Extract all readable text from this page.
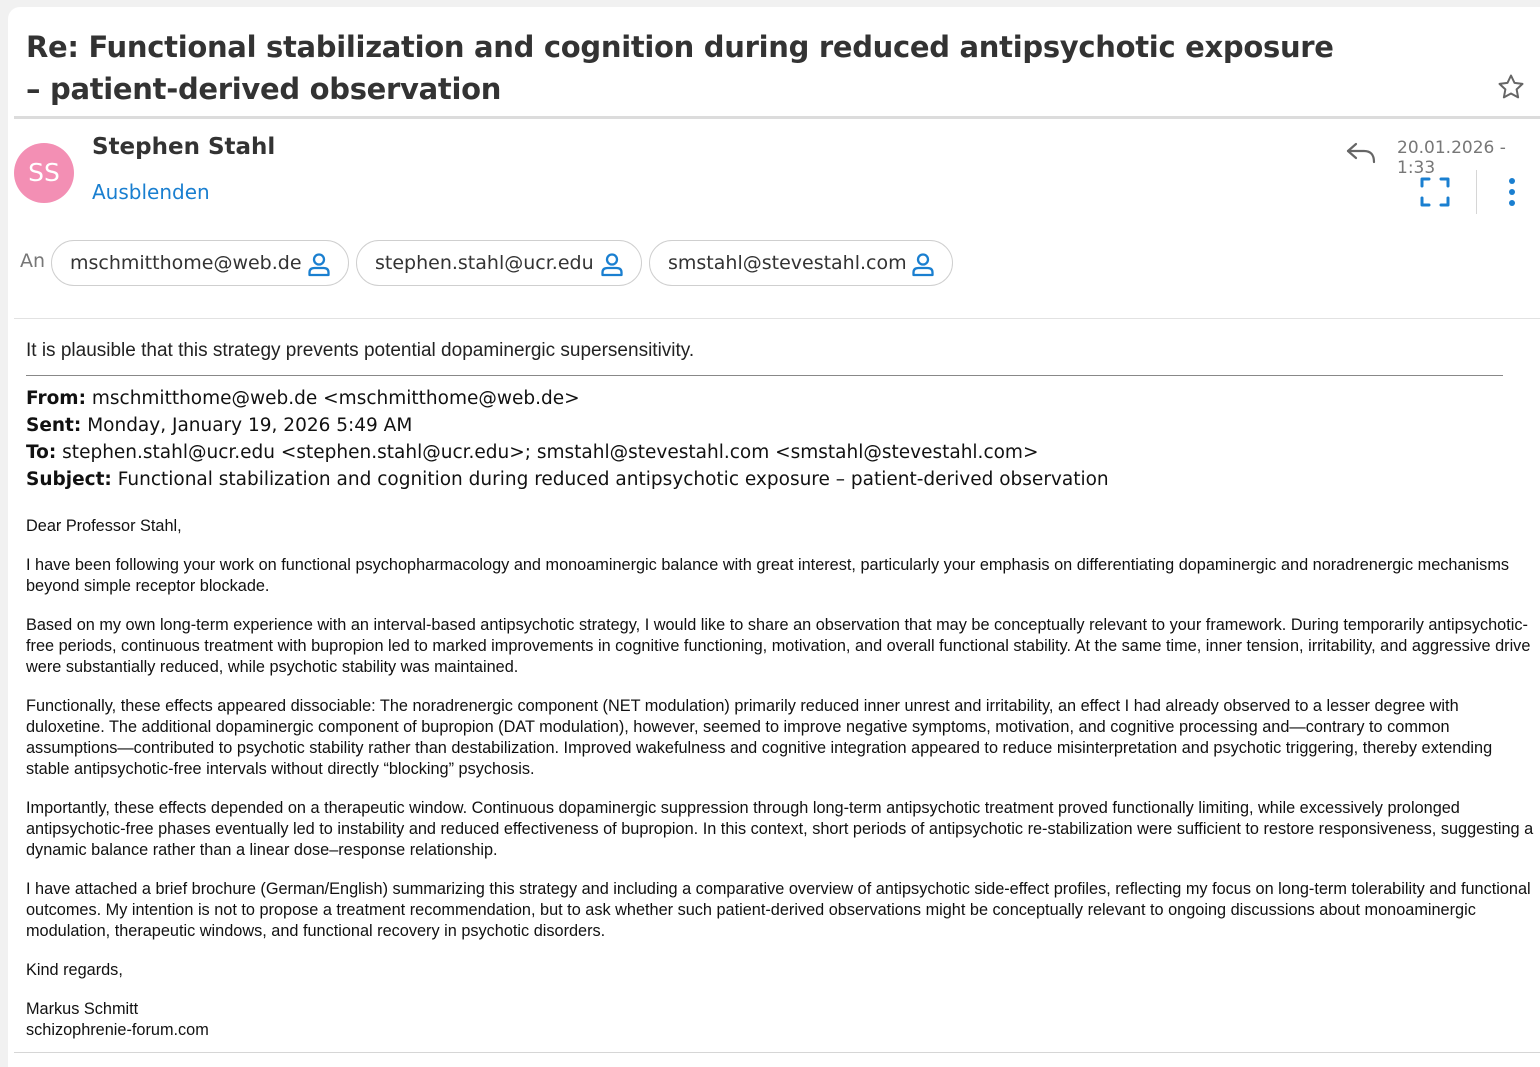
Re: Functional stabilization and cognition during reduced antipsychotic exposure – patient-derived observation
SS
Stephen Stahl
Ausblenden
20.01.2026 - 1:33
An	mschmitthome@web.de	stephen.stahl@ucr.edu	smstahl@stevestahl.com
It is plausible that this strategy prevents potential dopaminergic supersensitivity.
From: mschmitthome@web.de <mschmitthome@web.de>
Sent: Monday, January 19, 2026 5:49 AM
To: stephen.stahl@ucr.edu <stephen.stahl@ucr.edu>; smstahl@stevestahl.com <smstahl@stevestahl.com>
Subject: Functional stabilization and cognition during reduced antipsychotic exposure – patient-derived observation

Dear Professor Stahl,

I have been following your work on functional psychopharmacology and monoaminergic balance with great interest, particularly your emphasis on differentiating dopaminergic and noradrenergic mechanisms beyond simple receptor blockade.

Based on my own long-term experience with an interval-based antipsychotic strategy, I would like to share an observation that may be conceptually relevant to your framework. During temporarily antipsychotic-free periods, continuous treatment with bupropion led to marked improvements in cognitive functioning, motivation, and overall functional stability. At the same time, inner tension, irritability, and aggressive drive were substantially reduced, while psychotic stability was maintained.

Functionally, these effects appeared dissociable: The noradrenergic component (NET modulation) primarily reduced inner unrest and irritability, an effect I had already observed to a lesser degree with duloxetine. The additional dopaminergic component of bupropion (DAT modulation), however, seemed to improve negative symptoms, motivation, and cognitive processing and—contrary to common assumptions—contributed to psychotic stability rather than destabilization. Improved wakefulness and cognitive integration appeared to reduce misinterpretation and psychotic triggering, thereby extending stable antipsychotic-free intervals without directly “blocking” psychosis.

Importantly, these effects depended on a therapeutic window. Continuous dopaminergic suppression through long-term antipsychotic treatment proved functionally limiting, while excessively prolonged antipsychotic-free phases eventually led to instability and reduced effectiveness of bupropion. In this context, short periods of antipsychotic re-stabilization were sufficient to restore responsiveness, suggesting a dynamic balance rather than a linear dose–response relationship.

I have attached a brief brochure (German/English) summarizing this strategy and including a comparative overview of antipsychotic side-effect profiles, reflecting my focus on long-term tolerability and functional outcomes. My intention is not to propose a treatment recommendation, but to ask whether such patient-derived observations might be conceptually relevant to ongoing discussions about monoaminergic modulation, therapeutic windows, and functional recovery in psychotic disorders.

Kind regards,

Markus Schmitt

schizophrenie-forum.com
